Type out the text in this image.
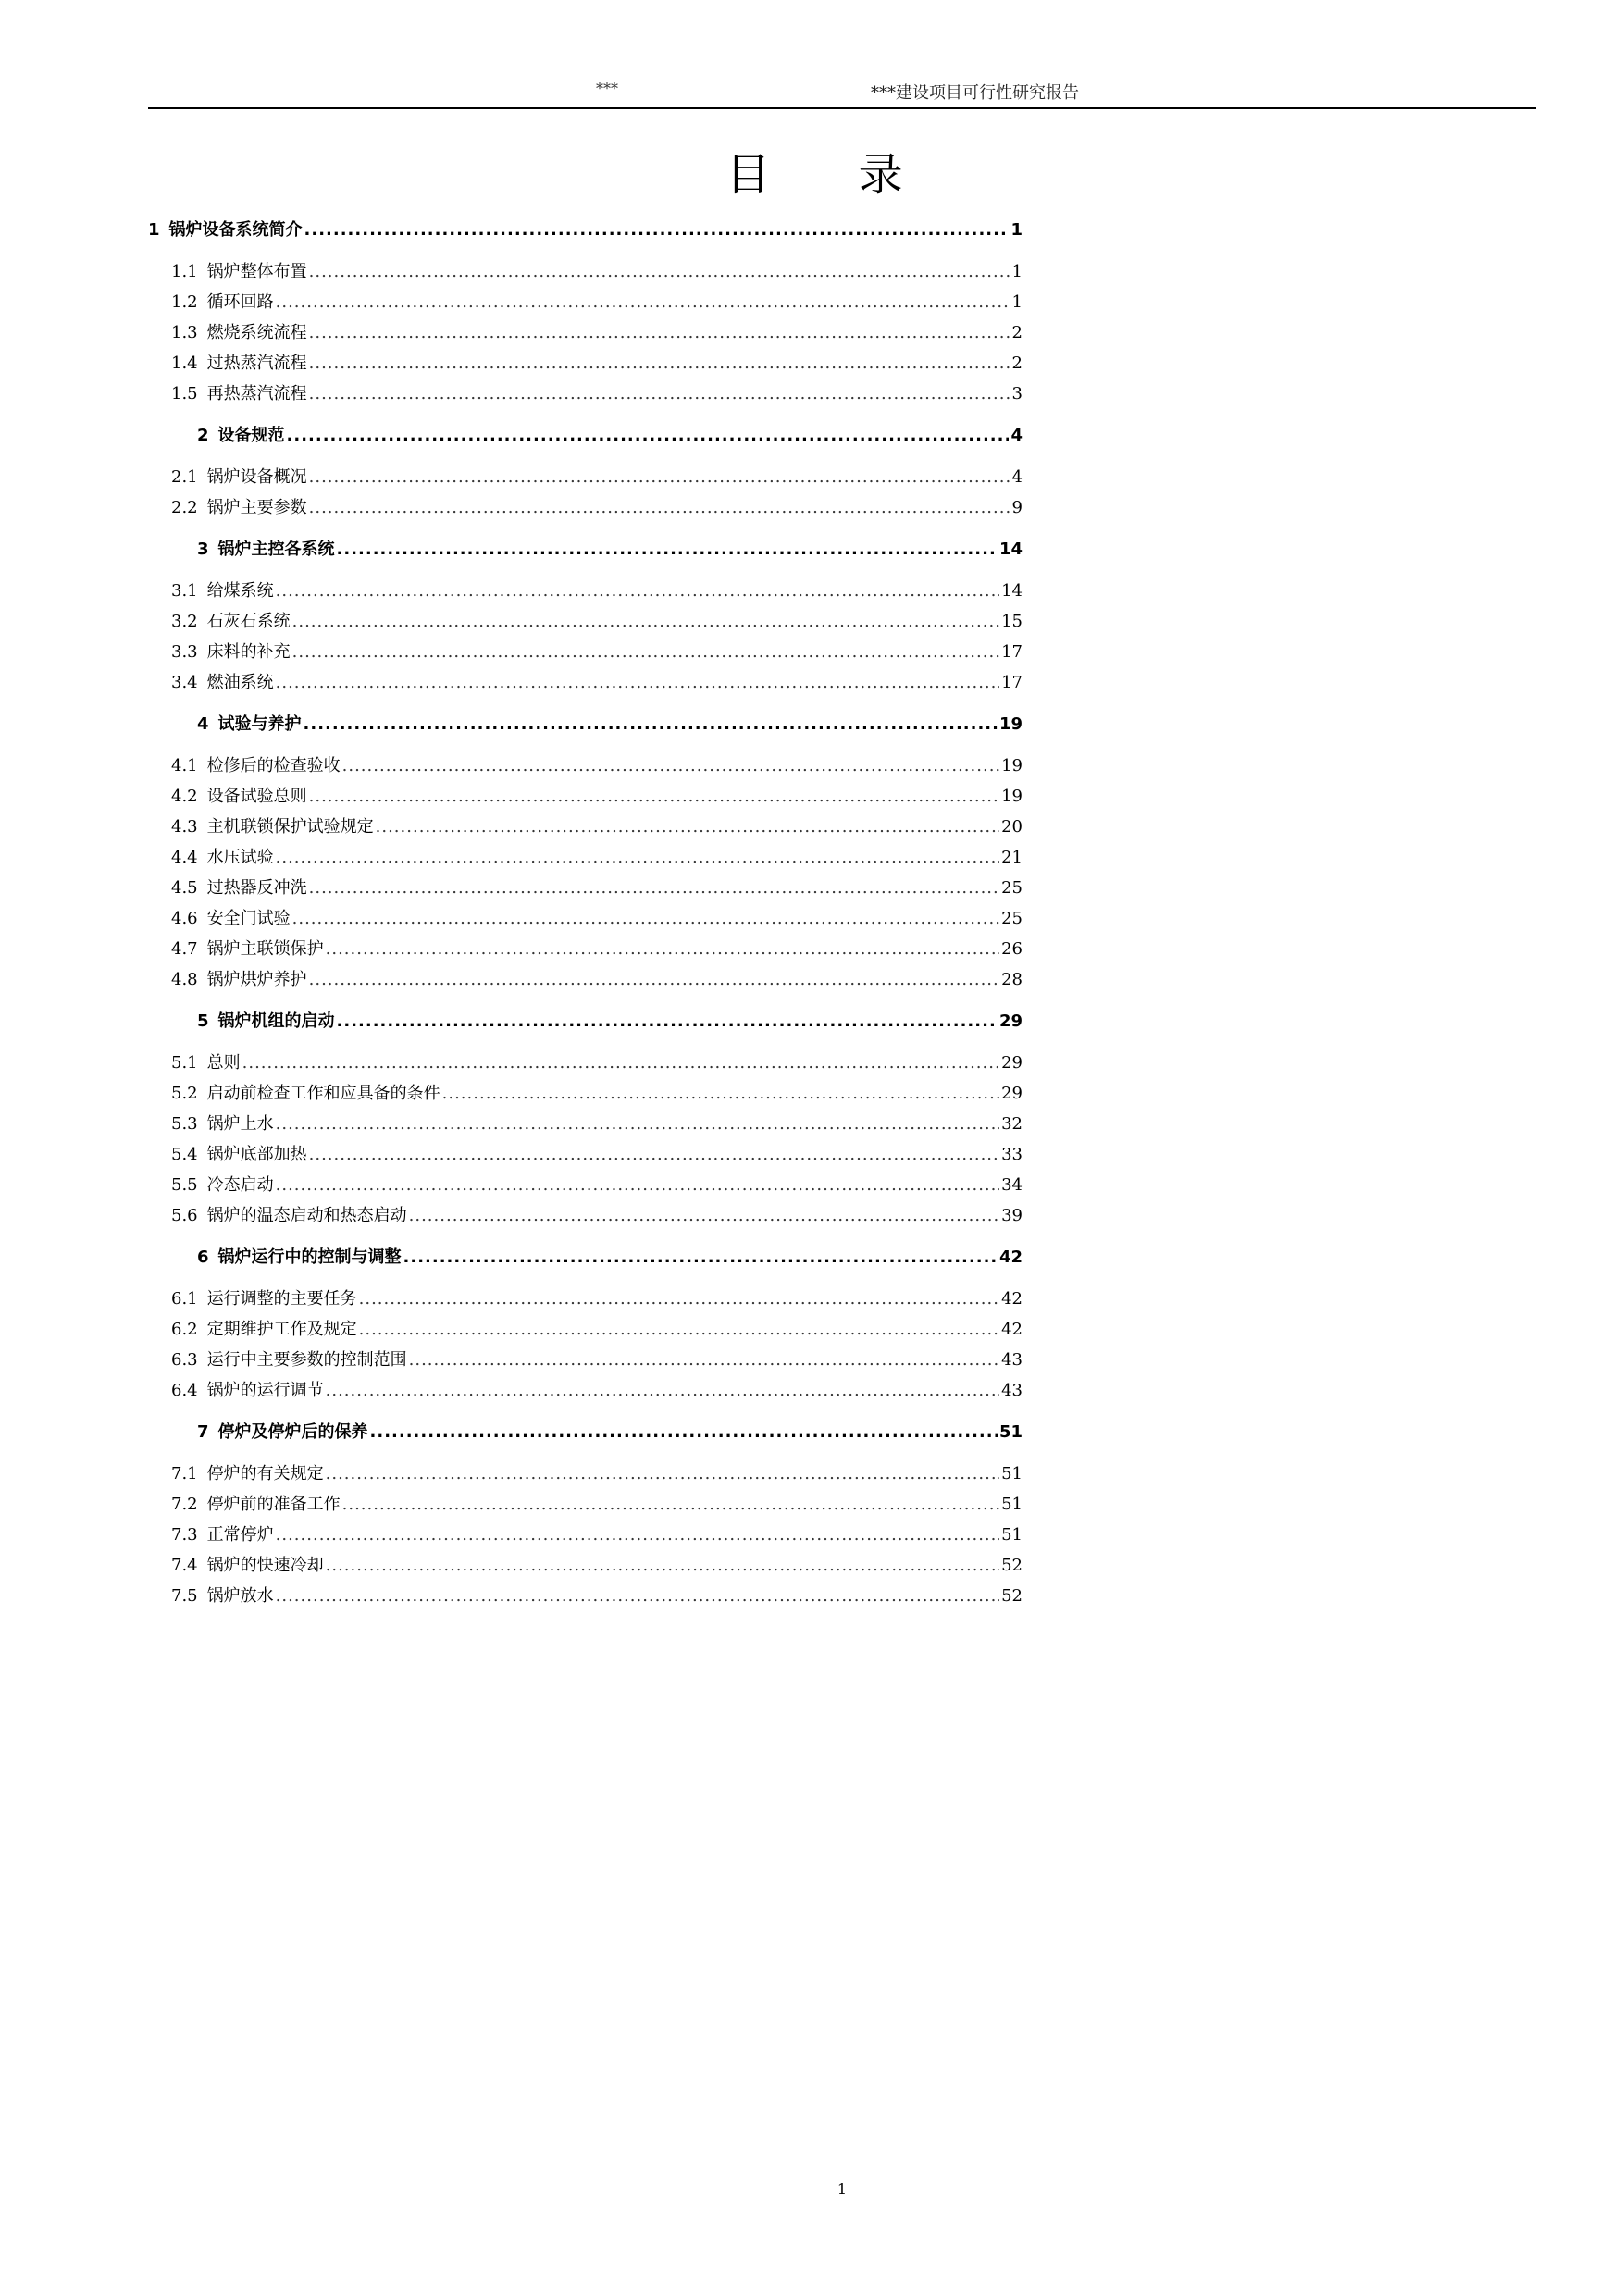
***	***建设项目可行性研究报告
目 录
1 锅炉设备系统简介 .....	1
1.1 锅炉整体布置 .....	1
1.2 循环回路 .....	1
1.3 燃烧系统流程 .....	2
1.4 过热蒸汽流程 .....	2
1.5 再热蒸汽流程 .....	3
2 设备规范 .....	4
2.1 锅炉设备概况 .....	4
2.2 锅炉主要参数 .....	9
3 锅炉主控各系统 .....	14
3.1 给煤系统 .....	14
3.2 石灰石系统 .....	15
3.3 床料的补充 .....	17
3.4 燃油系统 .....	17
4 试验与养护 .....	19
4.1 检修后的检查验收 .....	19
4.2 设备试验总则 .....	19
4.3 主机联锁保护试验规定 .....	20
4.4 水压试验 .....	21
4.5 过热器反冲洗 .....	25
4.6 安全门试验 .....	25
4.7 锅炉主联锁保护 .....	26
4.8 锅炉烘炉养护 .....	28
5 锅炉机组的启动 .....	29
5.1 总则 .....	29
5.2 启动前检查工作和应具备的条件 .....	29
5.3 锅炉上水 .....	32
5.4 锅炉底部加热 .....	33
5.5 冷态启动 .....	34
5.6 锅炉的温态启动和热态启动 .....	39
6 锅炉运行中的控制与调整 .....	42
6.1 运行调整的主要任务 .....	42
6.2 定期维护工作及规定 .....	42
6.3 运行中主要参数的控制范围 .....	43
6.4 锅炉的运行调节 .....	43
7 停炉及停炉后的保养 .....	51
7.1 停炉的有关规定 .....	51
7.2 停炉前的准备工作 .....	51
7.3 正常停炉 .....	51
7.4 锅炉的快速冷却 .....	52
7.5 锅炉放水 .....	52
1
